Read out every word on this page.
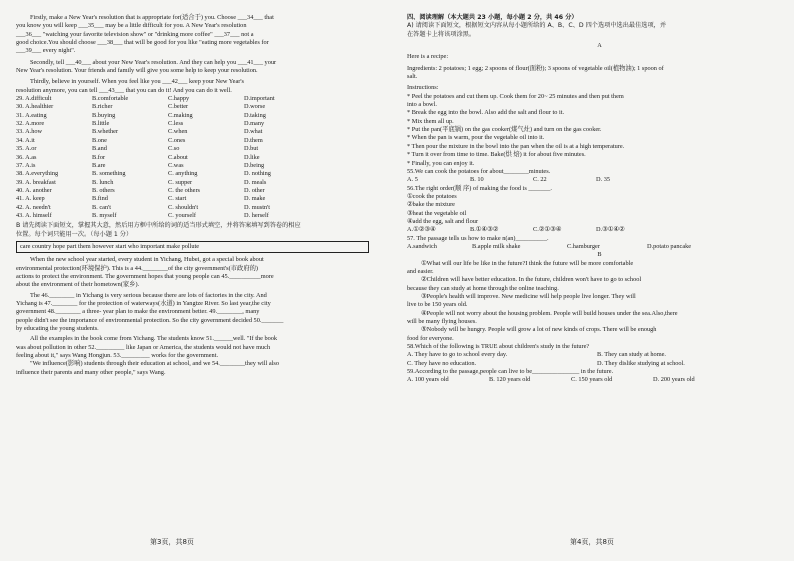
Firstly, make a New Year's resolution that is appropriate for(适合于) you. Choose ___34___ that
you know you will keep ___35___ may be a little difficult for you. A New Year's resolution
___36___ "watching your favorite television show" or "drinking more coffee" ___37___ not a
good choice.You should choose ___38___ that will be good for you like "eating more vegetables for
___39___ every night".
Secondly, tell ___40___ about your New Year's resolution. And they can help you ___41___ your
New Year's resolution. Your friends and family will give you some help to keep your resolution.
Thirdly, believe in yourself. When you feel like you ___42___ keep your New Year's
resolution anymore, you can tell ___43___ that you can do it! And you can do it well.
29. A.difficult	B.comfortable	C.happy	D.important
30. A.healthier	B.richer	C.better	D.worse
31. A.eating	B.buying	C.making	D.taking
32. A.more	B.little	C.less	D.many
33. A.how	B.whether	C.when	D.what
34. A.it	B.one	C.ones	D.them
35. A.or	B.and	C.so	D.but
36. A.as	B.for	C.about	D.like
37. A.is	B.are	C.was	D.being
38. A.everything	B. something	C. anything	D. nothing
39. A. breakfast	B. lunch	C. supper	D. meals
40. A. another	B. others	C. the others	D. other
41. A. keep	B.find	C. start	D. make
42. A. needn't	B. can't	C. shouldn't	D. mustn't
43. A. himself	B. myself	C. yourself	D. herself
B 请先阅读下面短文，掌握其大意，然后用方框中所给的词的适当形式填空，并将答案填写到答卷的相应
位置。每个词只能用一次。（每小题 1 分）
care country hope part them however start who important make pollute
When the new school year started, every student in Yichang, Hubei, got a special book about
environmental protection(环境保护). This is a 44.________of the city government's(市政府的)
actions to protect the environment. The government hopes that young people can 45.__________more
about the environment of their hometown(家乡).
The 46.________ in Yichang is very serious because there are lots of factories in the city. And
Yichang is 47.________ for the protection of waterways(水道) in Yangtze River. So last year,the city
government 48.________ a three- year plan to make the environment better. 49.________, many
people didn't see the importance of environmental protection. So the city government decided 50._______
by educating the young students.
All the examples in the book come from Yichang. The students know 51.______well. "If the book
was about pollution in other 52._________ like Japan or America, the students would not have much
feeling about it," says Wang Hongjun. 53._________ works for the government.
"We influence(影响) students through their education at school, and we 54.________they will also
influence their parents and many other people," says Wang.
四、阅读理解（本大题共 23 小题，每小题 2 分，共 46 分）
A) 请阅读下面短文，根据短文内容从每小题所给的 A、B、C、D 四个选项中选出最佳选项，并
在答题卡上将该项涂黑。
A
Here is a recipe:
Ingredients: 2 potatoes; 1 egg; 2 spoons of flour(面粉); 3 spoons of vegetable oil(植物油); 1 spoon of
salt.
Instructions:
* Peel the potatoes and cut them up. Cook them for 20~ 25 minutes and then put them
into a bowl.
* Break the egg into the bowl. Also add the salt and flour to it.
* Mix them all up.
* Put the pan(平底锅) on the gas cooker(煤气灶) and turn on the gas cooker.
* When the pan is warm, pour the vegetable oil into it.
* Then pour the mixture in the bowl into the pan when the oil is at a high temperature.
* Turn it over from time to time. Bake(烘 焙) it for about five minutes.
* Finally, you can enjoy it.
55.We can cook the potatoes for about________minutes.
A. 5	B. 10	C. 22	D. 35
56.The right order(顺 序) of making the food is _______.
①cook the potatoes
②bake the mixture
③heat the vegetable oil
④add the egg, salt and flour
A.①②③④	B.①④③②	C.②①③④	D.③①④②
57. The passage tells us how to make n(an)__________.
A.sandwich	B.apple milk shake	C.hamburger	D.potato pancake
B
①What will our life be like in the future?I think the future will be more comfortable
and easier.
②Children will have better education. In the future, children won't have to go to school
because they can study at home through the online teaching.
③People's health will improve. New medicine will help people live longer. They will
live to be 150 years old.
④People will not worry about the housing problem. People will build houses under the sea.Also,there
will be many flying houses.
⑤Nobody will be hungry. People will grow a lot of new kinds of crops. There will be enough
food for everyone.
58.Which of the following is TRUE about children's study in the future?
A. They have to go to school every day.	B. They can study at home.
C. They have no education.	D. They dislike studying at school.
59.According to the passage,people can live to be_______________ in the future.
A. 100 years old	B. 120 years old	C. 150 years old	D. 200 years old
第3页，共8页	第4页，共8页
